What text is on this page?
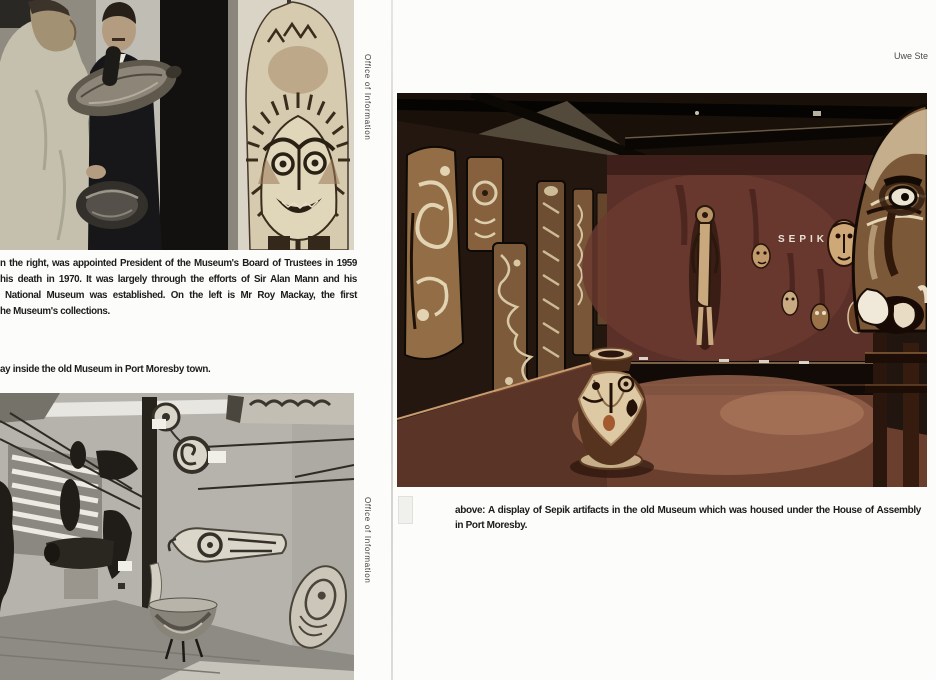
Office of Information
n the right, was appointed President of the Museum's Board of Trustees in 1959
his death in 1970. It was largely through the efforts of Sir Alan Mann and his
National Museum was established. On the left is Mr Roy Mackay, the first
he Museum's collections.
ay inside the old Museum in Port Moresby town.
Office of Information
Uwe Ste
SEPIK
above: A display of Sepik artifacts in the old Museum which was housed under the House of Assembly
in Port Moresby.
